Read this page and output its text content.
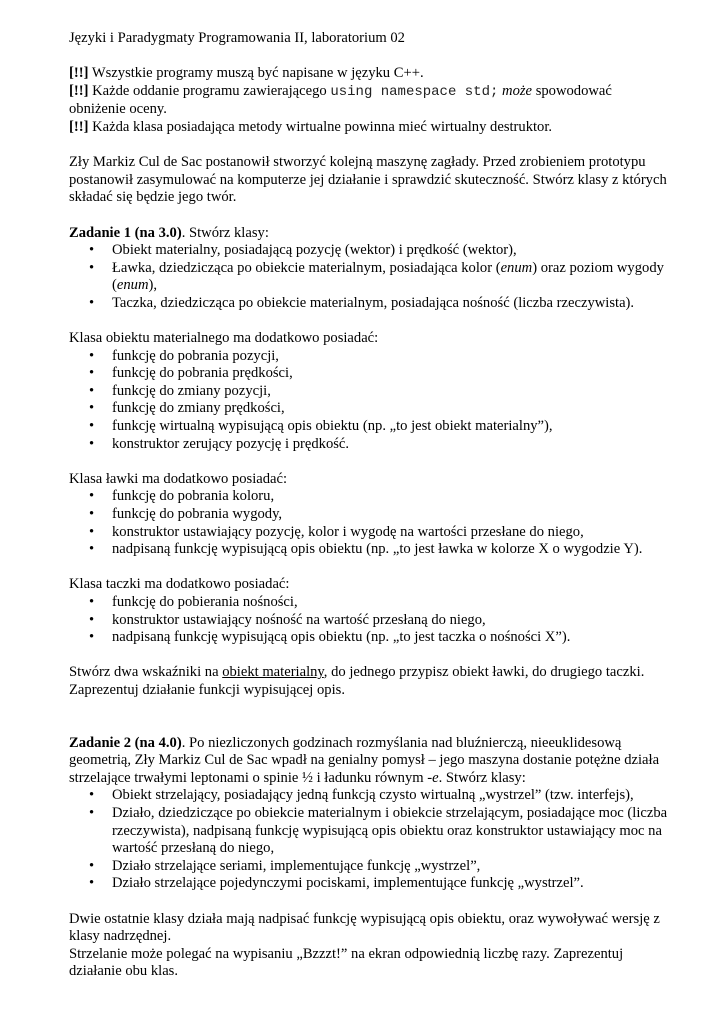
Języki i Paradygmaty Programowania II, laboratorium 02

[!!] Wszystkie programy muszą być napisane w języku C++.

[!!] Każde oddanie programu zawierającego using namespace std; może spowodować obniżenie oceny.

[!!] Każda klasa posiadająca metody wirtualne powinna mieć wirtualny destruktor.

Zły Markiz Cul de Sac postanowił stworzyć kolejną maszynę zagłady. Przed zrobieniem prototypu postanowił zasymulować na komputerze jej działanie i sprawdzić skuteczność. Stwórz klasy z których składać się będzie jego twór.

Zadanie 1 (na 3.0). Stwórz klasy:

• Obiekt materialny, posiadającą pozycję (wektor) i prędkość (wektor),
• Ławka, dziedzicząca po obiekcie materialnym, posiadająca kolor (enum) oraz poziom wygody (enum),
• Taczka, dziedzicząca po obiekcie materialnym, posiadająca nośność (liczba rzeczywista).

Klasa obiektu materialnego ma dodatkowo posiadać:

• funkcję do pobrania pozycji,
• funkcję do pobrania prędkości,
• funkcję do zmiany pozycji,
• funkcję do zmiany prędkości,
• funkcję wirtualną wypisującą opis obiektu (np. „to jest obiekt materialny”),
• konstruktor zerujący pozycję i prędkość.

Klasa ławki ma dodatkowo posiadać:

• funkcję do pobrania koloru,
• funkcję do pobrania wygody,
• konstruktor ustawiający pozycję, kolor i wygodę na wartości przesłane do niego,
• nadpisaną funkcję wypisującą opis obiektu (np. „to jest ławka w kolorze X o wygodzie Y).

Klasa taczki ma dodatkowo posiadać:

• funkcję do pobierania nośności,
• konstruktor ustawiający nośność na wartość przesłaną do niego,
• nadpisaną funkcję wypisującą opis obiektu (np. „to jest taczka o nośności X”).

Stwórz dwa wskaźniki na obiekt materialny, do jednego przypisz obiekt ławki, do drugiego taczki. Zaprezentuj działanie funkcji wypisującej opis.

Zadanie 2 (na 4.0). Po niezliczonych godzinach rozmyślania nad bluźnierczą, nieeuklidesową geometrią, Zły Markiz Cul de Sac wpadł na genialny pomysł – jego maszyna dostanie potężne działa strzelające trwałymi leptonami o spinie ½ i ładunku równym -e. Stwórz klasy:

• Obiekt strzelający, posiadający jedną funkcją czysto wirtualną „wystrzel” (tzw. interfejs),
• Działo, dziedziczące po obiekcie materialnym i obiekcie strzelającym, posiadające moc (liczba rzeczywista), nadpisaną funkcję wypisującą opis obiektu oraz konstruktor ustawiający moc na wartość przesłaną do niego,
• Działo strzelające seriami, implementujące funkcję „wystrzel”,
• Działo strzelające pojedynczymi pociskami, implementujące funkcję „wystrzel”.

Dwie ostatnie klasy działa mają nadpisać funkcję wypisującą opis obiektu, oraz wywoływać wersję z klasy nadrzędnej.

Strzelanie może polegać na wypisaniu „Bzzzt!” na ekran odpowiednią liczbę razy. Zaprezentuj działanie obu klas.
